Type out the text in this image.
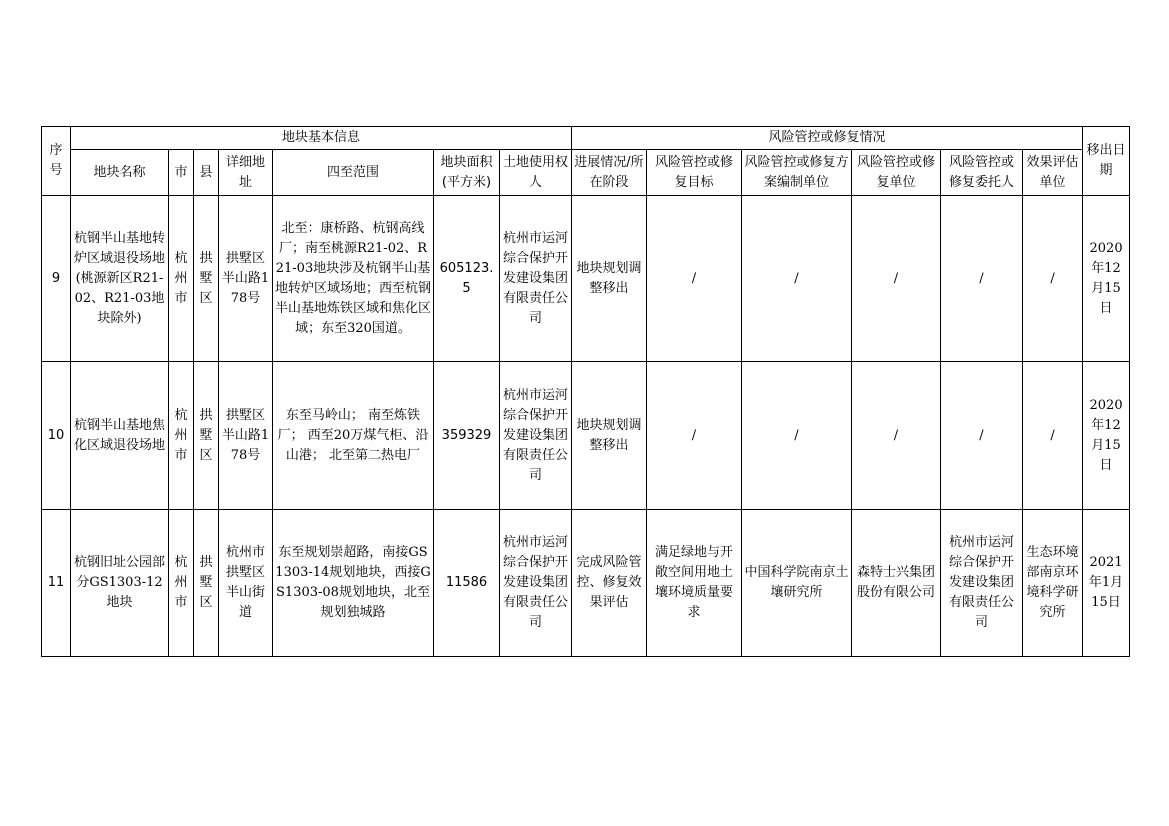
序号	地块基本信息							风险管控或修复情况						移出日期
	地块名称	市	县	详细地址	四至范围	地块面积(平方米)	土地使用权人	进展情况/所在阶段	风险管控或修复目标	风险管控或修复方案编制单位	风险管控或修复单位	风险管控或修复委托人	效果评估单位	
9	杭钢半山基地转炉区域退役场地(桃源新区R21-02、R21-03地块除外)	杭州市	拱墅区	拱墅区半山路178号	北至：康桥路、杭钢高线厂；南至桃源R21-02、R21-03地块涉及杭钢半山基地转炉区域场地；西至杭钢半山基地炼铁区域和焦化区域；东至320国道。	605123.5	杭州市运河综合保护开发建设集团有限责任公司	地块规划调整移出	/	/	/	/	/	2020年12月15日
10	杭钢半山基地焦化区域退役场地	杭州市	拱墅区	拱墅区半山路178号	东至马岭山； 南至炼铁厂； 西至20万煤气柜、沿山港； 北至第二热电厂	359329	杭州市运河综合保护开发建设集团有限责任公司	地块规划调整移出	/	/	/	/	/	2020年12月15日
11	杭钢旧址公园部分GS1303-12地块	杭州市	拱墅区	杭州市拱墅区半山街道	东至规划崇超路，南接GS1303-14规划地块，西接GS1303-08规划地块，北至规划独城路	11586	杭州市运河综合保护开发建设集团有限责任公司	完成风险管控、修复效果评估	满足绿地与开敞空间用地土壤环境质量要求	中国科学院南京土壤研究所	森特士兴集团股份有限公司	杭州市运河综合保护开发建设集团有限责任公司	生态环境部南京环境科学研究所	2021年1月15日
